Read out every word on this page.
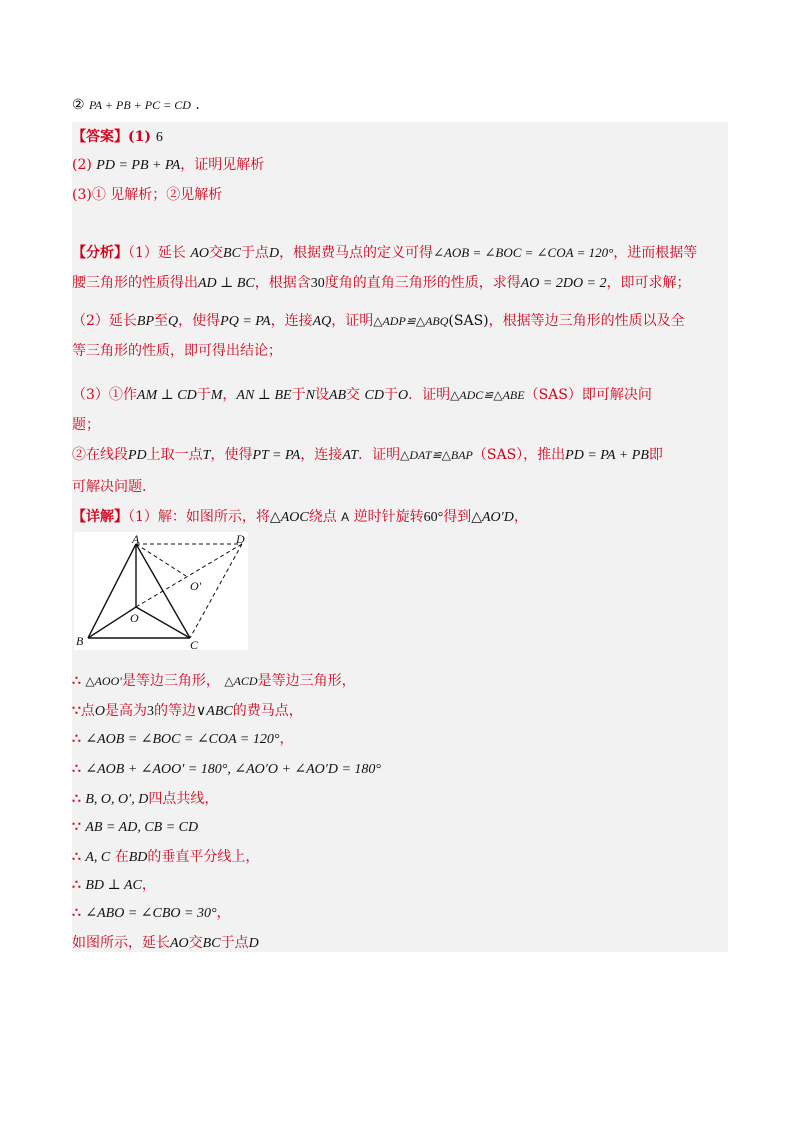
② PA + PB + PC = CD .
【答案】(1) 6
(2) PD = PB + PA，证明见解析
(3)① 见解析；②见解析
【分析】（1）延长 AO交BC于点D，根据费马点的定义可得∠AOB = ∠BOC = ∠COA = 120°，进而根据等
腰三角形的性质得出AD ⊥ BC，根据含30度角的直角三角形的性质，求得AO = 2DO = 2，即可求解；
（2）延长BP至Q，使得PQ = PA，连接AQ，证明△ADP≌△ABQ(SAS)，根据等边三角形的性质以及全
等三角形的性质，即可得出结论；
（3）①作AM ⊥ CD于M，AN ⊥ BE于N设AB交 CD于O．证明△ADC≌△ABE（SAS）即可解决问
题；
②在线段PD上取一点T，使得PT = PA，连接AT．证明△DAT≌△BAP（SAS），推出PD = PA + PB即
可解决问题.
【详解】（1）解：如图所示，将△AOC绕点 A 逆时针旋转60°得到△AO′D，
A	D
O′
O
B	C
∴ △AOO′是等边三角形， △ACD是等边三角形，
∵点O是高为3的等边∨ABC的费马点，
∴ ∠AOB = ∠BOC = ∠COA = 120°，
∴ ∠AOB + ∠AOO′ = 180°, ∠AO′O + ∠AO′D = 180°
∴ B, O, O′, D四点共线，
∵ AB = AD, CB = CD
∴ A, C 在BD的垂直平分线上，
∴ BD ⊥ AC，
∴ ∠ABO = ∠CBO = 30°，
如图所示，延长AO交BC于点D
